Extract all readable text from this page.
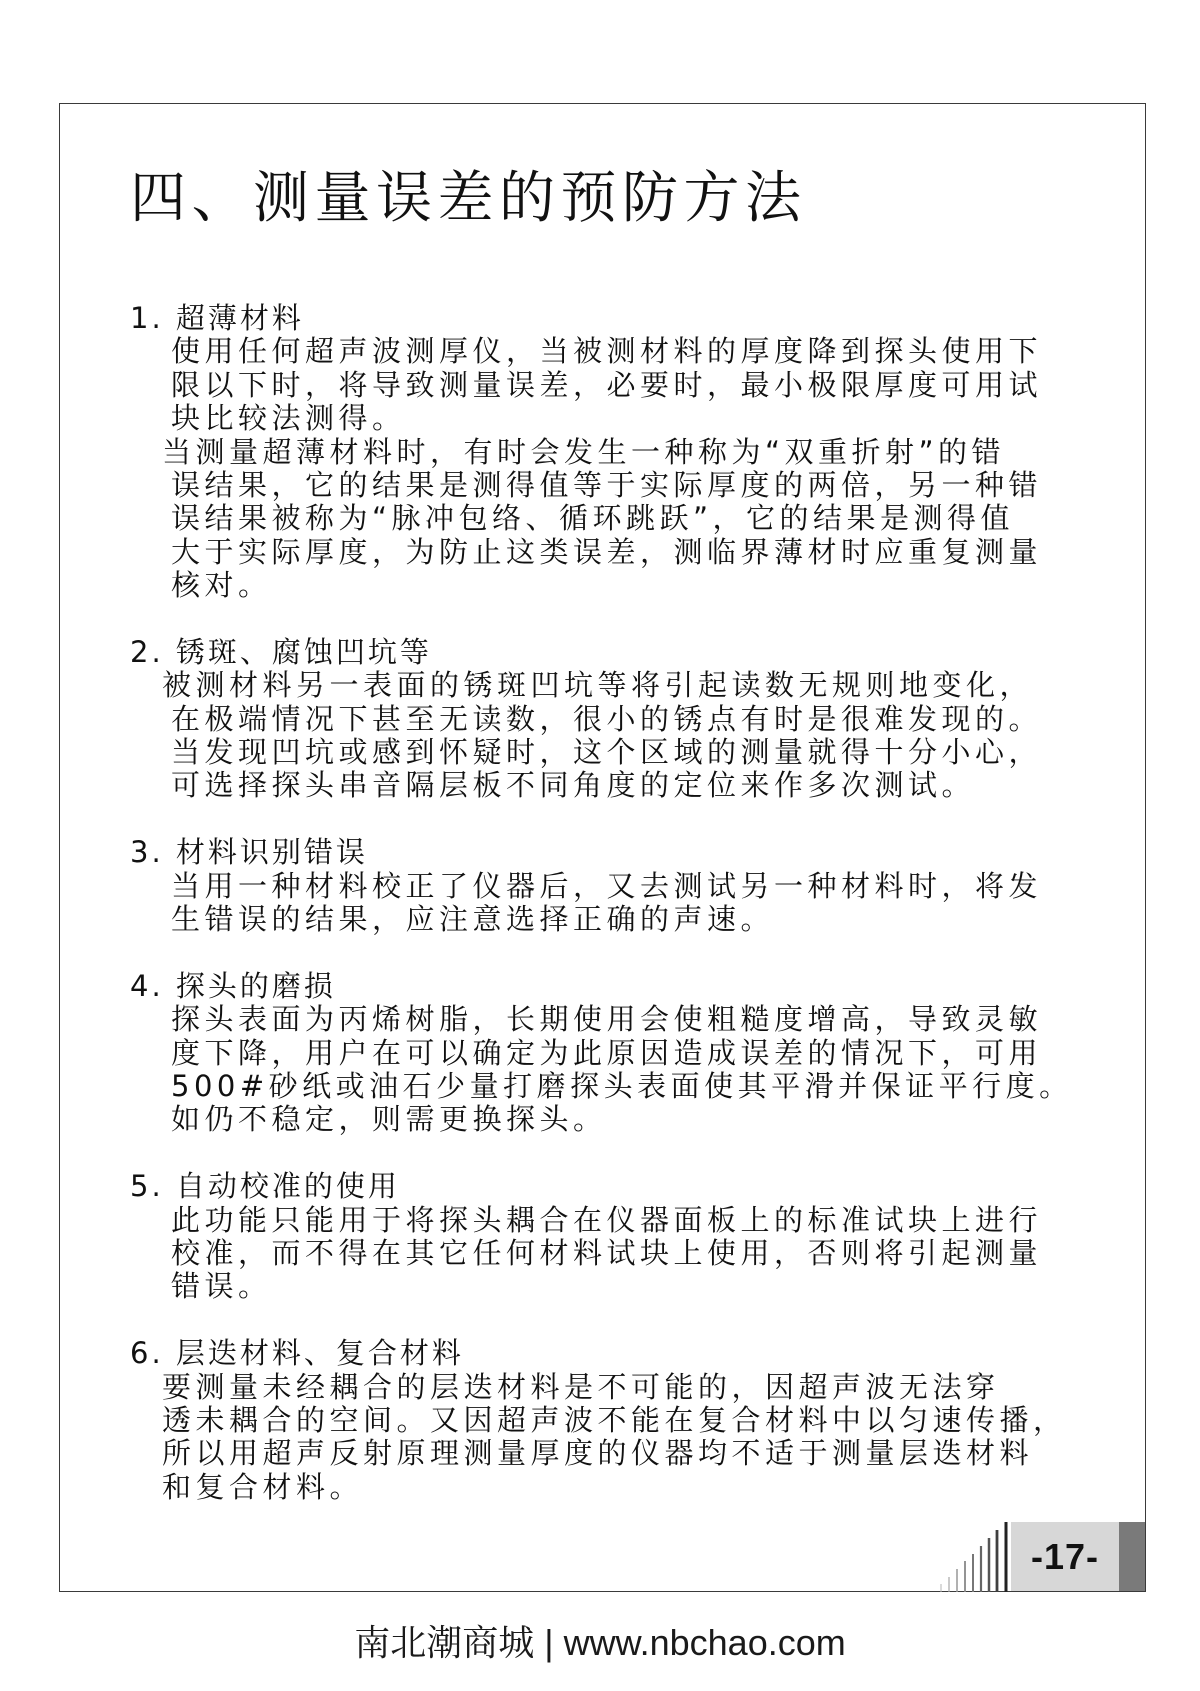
四、测量误差的预防方法
1. 超薄材料
使用任何超声波测厚仪，当被测材料的厚度降到探头使用下
限以下时，将导致测量误差，必要时，最小极限厚度可用试
块比较法测得。
当测量超薄材料时，有时会发生一种称为“双重折射”的错
误结果，它的结果是测得值等于实际厚度的两倍，另一种错
误结果被称为“脉冲包络、循环跳跃”，它的结果是测得值
大于实际厚度，为防止这类误差，测临界薄材时应重复测量
核对。
2. 锈斑、腐蚀凹坑等
被测材料另一表面的锈斑凹坑等将引起读数无规则地变化，
在极端情况下甚至无读数，很小的锈点有时是很难发现的。
当发现凹坑或感到怀疑时，这个区域的测量就得十分小心，
可选择探头串音隔层板不同角度的定位来作多次测试。
3. 材料识别错误
当用一种材料校正了仪器后，又去测试另一种材料时，将发
生错误的结果，应注意选择正确的声速。
4. 探头的磨损
探头表面为丙烯树脂，长期使用会使粗糙度增高，导致灵敏
度下降，用户在可以确定为此原因造成误差的情况下，可用
500#砂纸或油石少量打磨探头表面使其平滑并保证平行度。
如仍不稳定，则需更换探头。
5. 自动校准的使用
此功能只能用于将探头耦合在仪器面板上的标准试块上进行
校准，而不得在其它任何材料试块上使用，否则将引起测量
错误。
6. 层迭材料、复合材料
要测量未经耦合的层迭材料是不可能的，因超声波无法穿
透未耦合的空间。又因超声波不能在复合材料中以匀速传播，
所以用超声反射原理测量厚度的仪器均不适于测量层迭材料
和复合材料。
-17-
南北潮商城 | www.nbchao.com
